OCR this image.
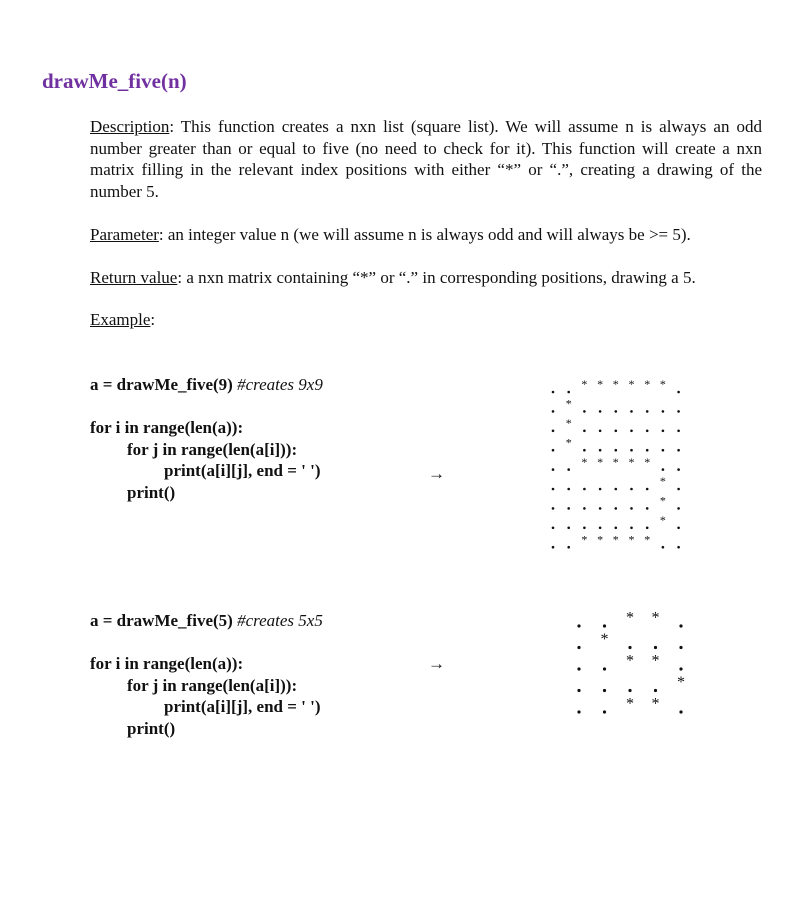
drawMe_five(n)

Description: This function creates a nxn list (square list). We will assume n is always an odd number greater than or equal to five (no need to check for it). This function will create a nxn matrix filling in the relevant index positions with either “*” or “.”, creating a drawing of the number 5.

Parameter: an integer value n (we will assume n is always odd and will always be >= 5).

Return value: a nxn matrix containing “*” or “.” in corresponding positions, drawing a 5.

Example:

a = drawMe_five(9) #creates 9x9
for i in range(len(a)):
for j in range(len(a[i])):
print(a[i][j], end = ' ')
print()
→
a = drawMe_five(5) #creates 5x5
for i in range(len(a)):
for j in range(len(a[i])):
print(a[i][j], end = ' ')
print()
→
* * * * * *
*
*
*
* * * * *
*
*
*
* * * * *
* *
*
* *
*
* *
